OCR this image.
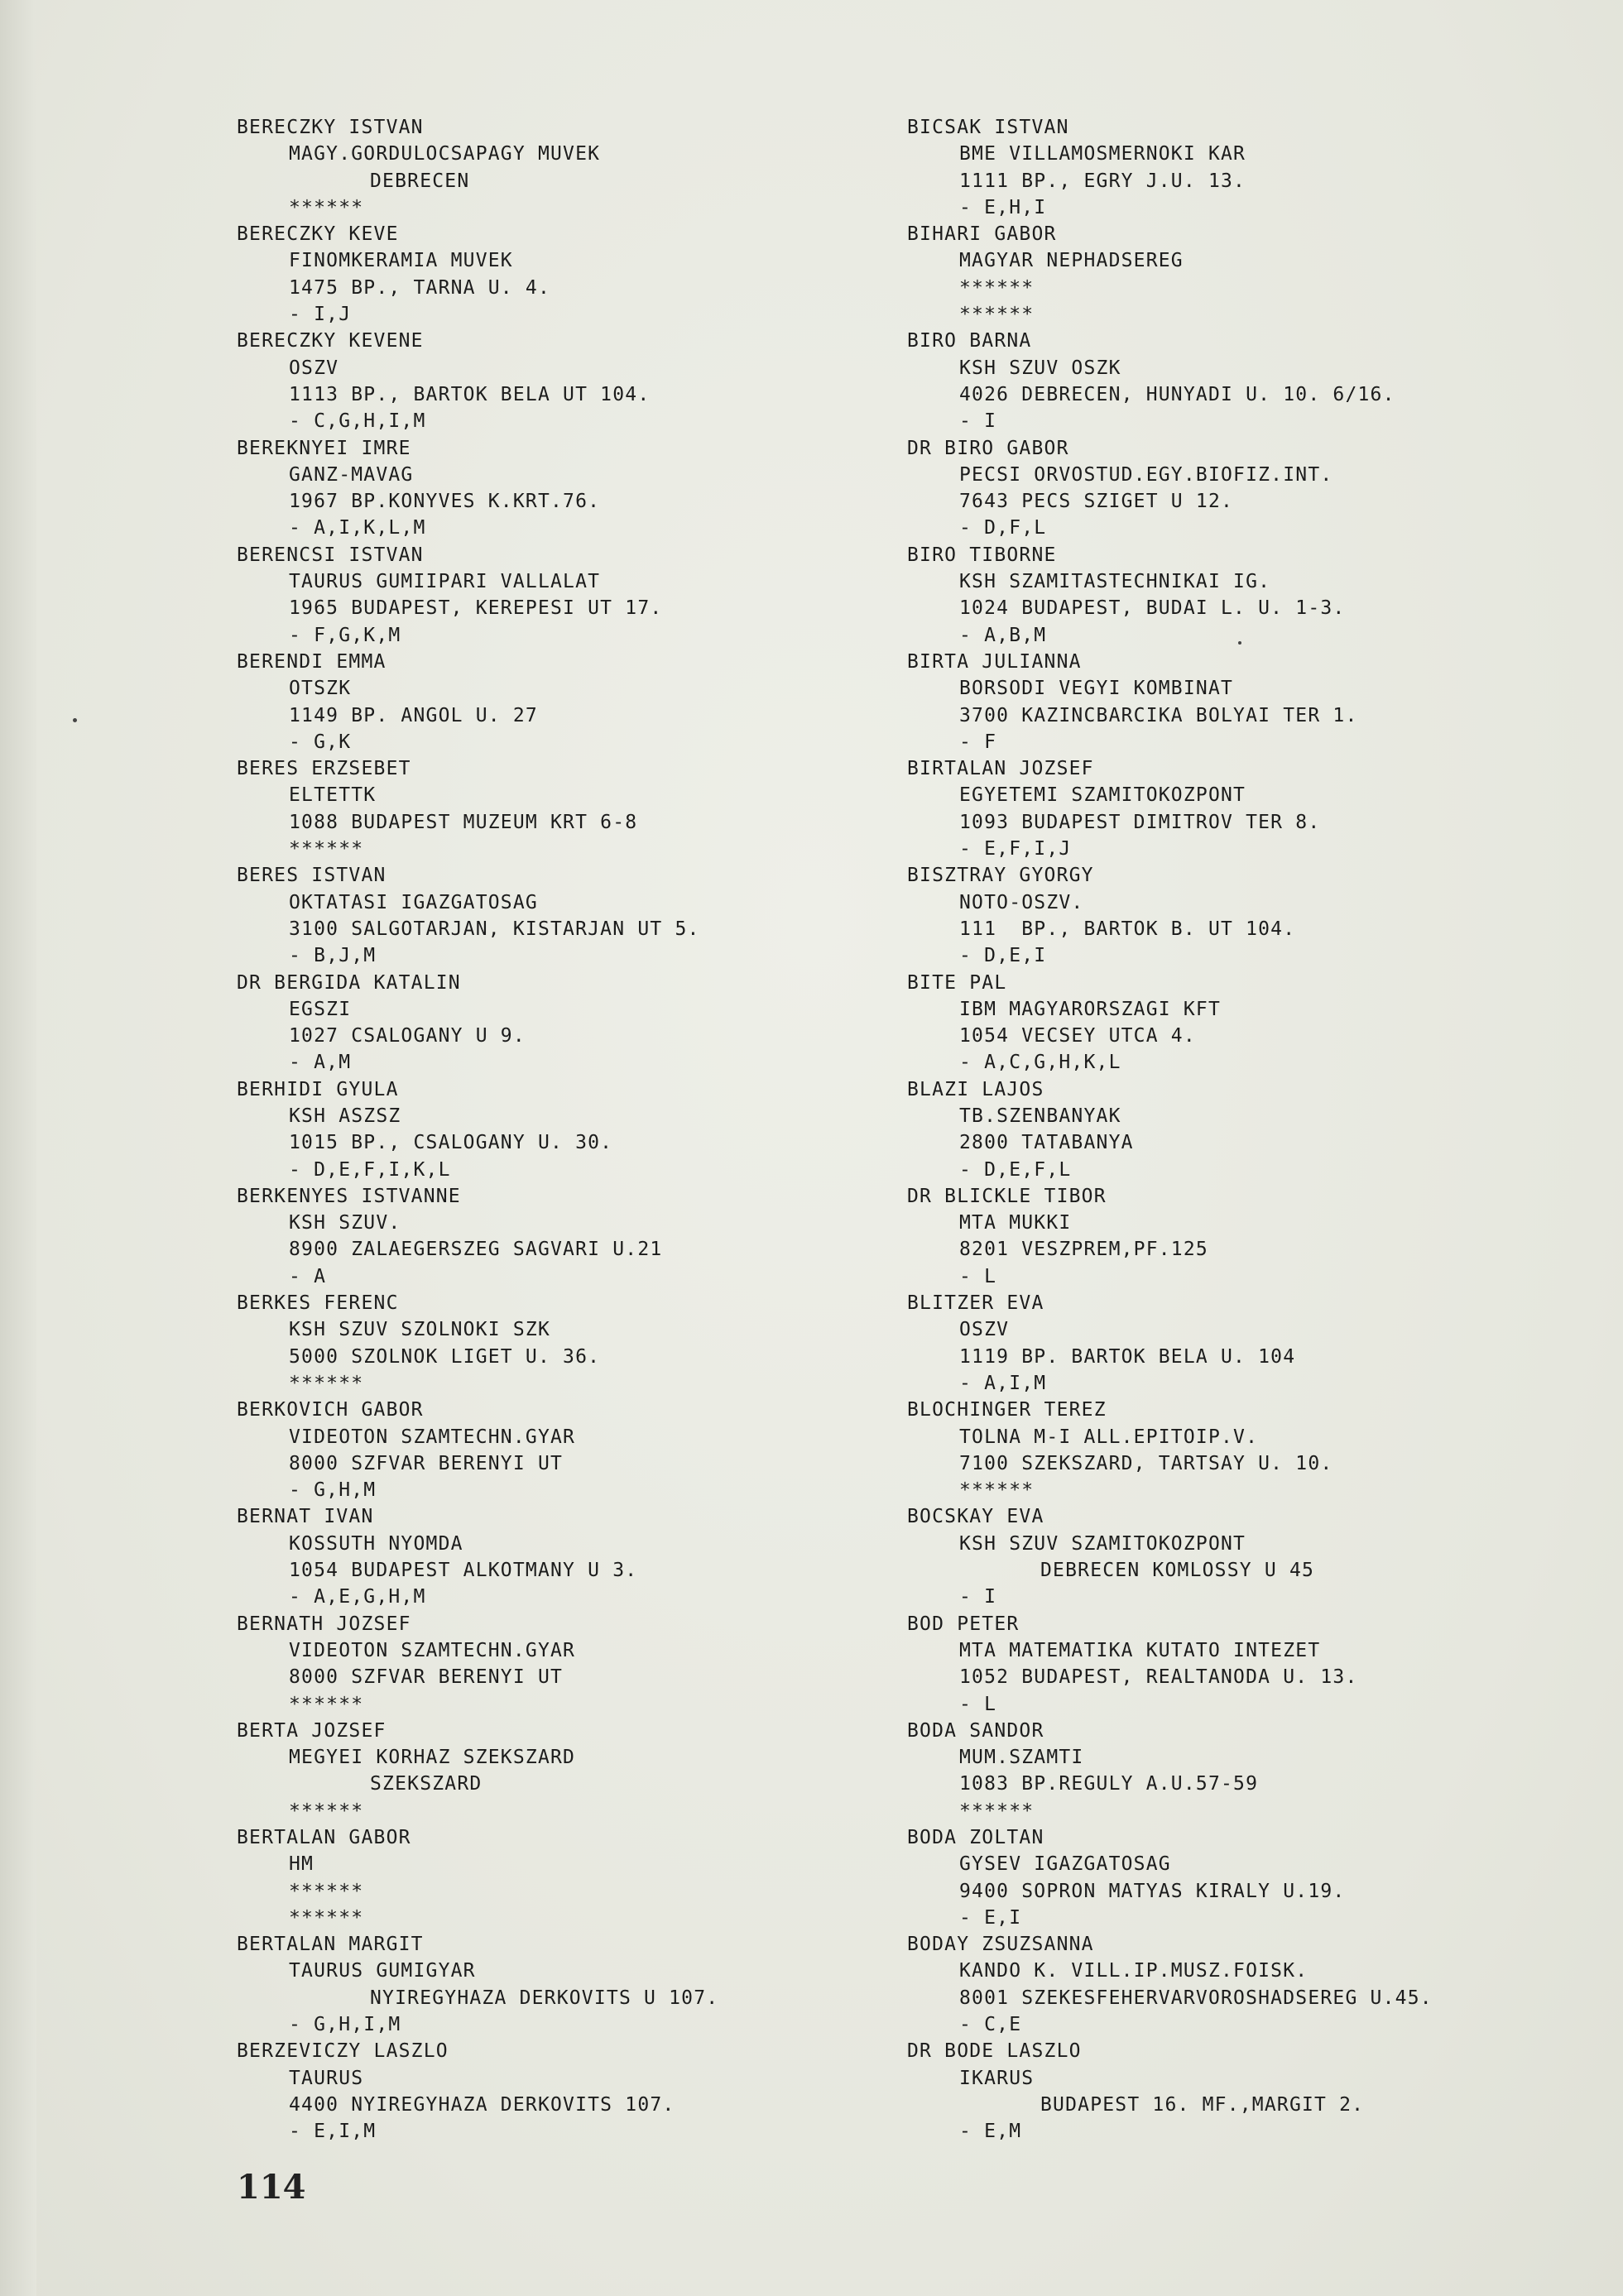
BERECZKY ISTVAN
MAGY.GORDULOCSAPAGY MUVEK
DEBRECEN
******
BERECZKY KEVE
FINOMKERAMIA MUVEK
1475 BP., TARNA U. 4.
- I,J
BERECZKY KEVENE
OSZV
1113 BP., BARTOK BELA UT 104.
- C,G,H,I,M
BEREKNYEI IMRE
GANZ-MAVAG
1967 BP.KONYVES K.KRT.76.
- A,I,K,L,M
BERENCSI ISTVAN
TAURUS GUMIIPARI VALLALAT
1965 BUDAPEST, KEREPESI UT 17.
- F,G,K,M
BERENDI EMMA
OTSZK
1149 BP. ANGOL U. 27
- G,K
BERES ERZSEBET
ELTETTK
1088 BUDAPEST MUZEUM KRT 6-8
******
BERES ISTVAN
OKTATASI IGAZGATOSAG
3100 SALGOTARJAN, KISTARJAN UT 5.
- B,J,M
DR BERGIDA KATALIN
EGSZI
1027 CSALOGANY U 9.
- A,M
BERHIDI GYULA
KSH ASZSZ
1015 BP., CSALOGANY U. 30.
- D,E,F,I,K,L
BERKENYES ISTVANNE
KSH SZUV.
8900 ZALAEGERSZEG SAGVARI U.21
- A
BERKES FERENC
KSH SZUV SZOLNOKI SZK
5000 SZOLNOK LIGET U. 36.
******
BERKOVICH GABOR
VIDEOTON SZAMTECHN.GYAR
8000 SZFVAR BERENYI UT
- G,H,M
BERNAT IVAN
KOSSUTH NYOMDA
1054 BUDAPEST ALKOTMANY U 3.
- A,E,G,H,M
BERNATH JOZSEF
VIDEOTON SZAMTECHN.GYAR
8000 SZFVAR BERENYI UT
******
BERTA JOZSEF
MEGYEI KORHAZ SZEKSZARD
SZEKSZARD
******
BERTALAN GABOR
HM
******
******
BERTALAN MARGIT
TAURUS GUMIGYAR
NYIREGYHAZA DERKOVITS U 107.
- G,H,I,M
BERZEVICZY LASZLO
TAURUS
4400 NYIREGYHAZA DERKOVITS 107.
- E,I,M
BICSAK ISTVAN
BME VILLAMOSMERNOKI KAR
1111 BP., EGRY J.U. 13.
- E,H,I
BIHARI GABOR
MAGYAR NEPHADSEREG
******
******
BIRO BARNA
KSH SZUV OSZK
4026 DEBRECEN, HUNYADI U. 10. 6/16.
- I
DR BIRO GABOR
PECSI ORVOSTUD.EGY.BIOFIZ.INT.
7643 PECS SZIGET U 12.
- D,F,L
BIRO TIBORNE
KSH SZAMITASTECHNIKAI IG.
1024 BUDAPEST, BUDAI L. U. 1-3.
- A,B,M
BIRTA JULIANNA
BORSODI VEGYI KOMBINAT
3700 KAZINCBARCIKA BOLYAI TER 1.
- F
BIRTALAN JOZSEF
EGYETEMI SZAMITOKOZPONT
1093 BUDAPEST DIMITROV TER 8.
- E,F,I,J
BISZTRAY GYORGY
NOTO-OSZV.
111  BP., BARTOK B. UT 104.
- D,E,I
BITE PAL
IBM MAGYARORSZAGI KFT
1054 VECSEY UTCA 4.
- A,C,G,H,K,L
BLAZI LAJOS
TB.SZENBANYAK
2800 TATABANYA
- D,E,F,L
DR BLICKLE TIBOR
MTA MUKKI
8201 VESZPREM,PF.125
- L
BLITZER EVA
OSZV
1119 BP. BARTOK BELA U. 104
- A,I,M
BLOCHINGER TEREZ
TOLNA M-I ALL.EPITOIP.V.
7100 SZEKSZARD, TARTSAY U. 10.
******
BOCSKAY EVA
KSH SZUV SZAMITOKOZPONT
DEBRECEN KOMLOSSY U 45
- I
BOD PETER
MTA MATEMATIKA KUTATO INTEZET
1052 BUDAPEST, REALTANODA U. 13.
- L
BODA SANDOR
MUM.SZAMTI
1083 BP.REGULY A.U.57-59
******
BODA ZOLTAN
GYSEV IGAZGATOSAG
9400 SOPRON MATYAS KIRALY U.19.
- E,I
BODAY ZSUZSANNA
KANDO K. VILL.IP.MUSZ.FOISK.
8001 SZEKESFEHERVARVOROSHADSEREG U.45.
- C,E
DR BODE LASZLO
IKARUS
BUDAPEST 16. MF.,MARGIT 2.
- E,M
114
